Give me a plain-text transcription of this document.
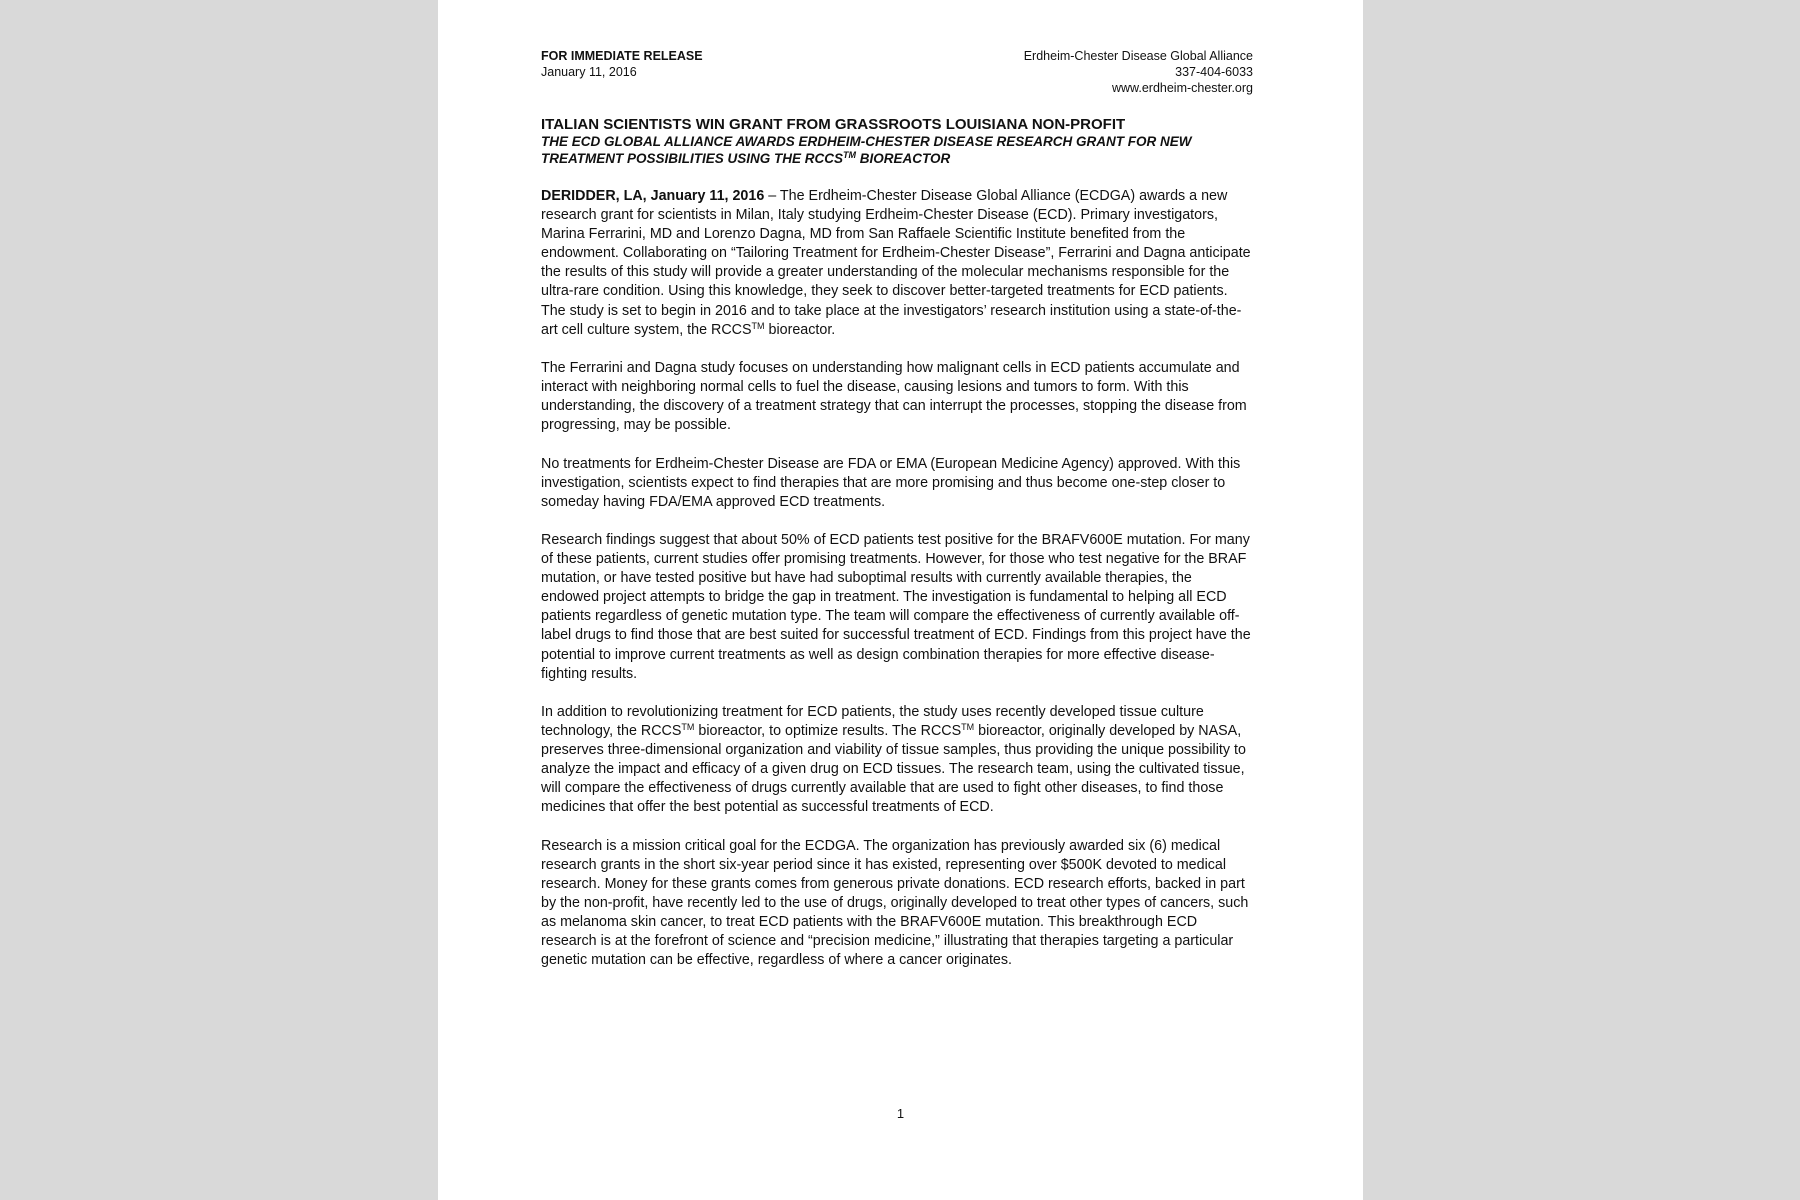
FOR IMMEDIATE RELEASE
January 11, 2016
Erdheim-Chester Disease Global Alliance
337-404-6033
www.erdheim-chester.org
ITALIAN SCIENTISTS WIN GRANT FROM GRASSROOTS LOUISIANA NON-PROFIT
THE ECD GLOBAL ALLIANCE AWARDS ERDHEIM-CHESTER DISEASE RESEARCH GRANT FOR NEW TREATMENT POSSIBILITIES USING THE RCCS™ BIOREACTOR

DERIDDER, LA, January 11, 2016 – The Erdheim-Chester Disease Global Alliance (ECDGA) awards a new research grant for scientists in Milan, Italy studying Erdheim-Chester Disease (ECD). Primary investigators, Marina Ferrarini, MD and Lorenzo Dagna, MD from San Raffaele Scientific Institute benefited from the endowment. Collaborating on “Tailoring Treatment for Erdheim-Chester Disease”, Ferrarini and Dagna anticipate the results of this study will provide a greater understanding of the molecular mechanisms responsible for the ultra-rare condition. Using this knowledge, they seek to discover better-targeted treatments for ECD patients. The study is set to begin in 2016 and to take place at the investigators’ research institution using a state-of-the-art cell culture system, the RCCS™ bioreactor.

The Ferrarini and Dagna study focuses on understanding how malignant cells in ECD patients accumulate and interact with neighboring normal cells to fuel the disease, causing lesions and tumors to form. With this understanding, the discovery of a treatment strategy that can interrupt the processes, stopping the disease from progressing, may be possible.

No treatments for Erdheim-Chester Disease are FDA or EMA (European Medicine Agency) approved. With this investigation, scientists expect to find therapies that are more promising and thus become one-step closer to someday having FDA/EMA approved ECD treatments.

Research findings suggest that about 50% of ECD patients test positive for the BRAFV600E mutation. For many of these patients, current studies offer promising treatments. However, for those who test negative for the BRAF mutation, or have tested positive but have had suboptimal results with currently available therapies, the endowed project attempts to bridge the gap in treatment. The investigation is fundamental to helping all ECD patients regardless of genetic mutation type. The team will compare the effectiveness of currently available off-label drugs to find those that are best suited for successful treatment of ECD. Findings from this project have the potential to improve current treatments as well as design combination therapies for more effective disease-fighting results.

In addition to revolutionizing treatment for ECD patients, the study uses recently developed tissue culture technology, the RCCS™ bioreactor, to optimize results. The RCCS™ bioreactor, originally developed by NASA, preserves three-dimensional organization and viability of tissue samples, thus providing the unique possibility to analyze the impact and efficacy of a given drug on ECD tissues. The research team, using the cultivated tissue, will compare the effectiveness of drugs currently available that are used to fight other diseases, to find those medicines that offer the best potential as successful treatments of ECD.

Research is a mission critical goal for the ECDGA. The organization has previously awarded six (6) medical research grants in the short six-year period since it has existed, representing over $500K devoted to medical research. Money for these grants comes from generous private donations. ECD research efforts, backed in part by the non-profit, have recently led to the use of drugs, originally developed to treat other types of cancers, such as melanoma skin cancer, to treat ECD patients with the BRAFV600E mutation. This breakthrough ECD research is at the forefront of science and “precision medicine,” illustrating that therapies targeting a particular genetic mutation can be effective, regardless of where a cancer originates.

1
